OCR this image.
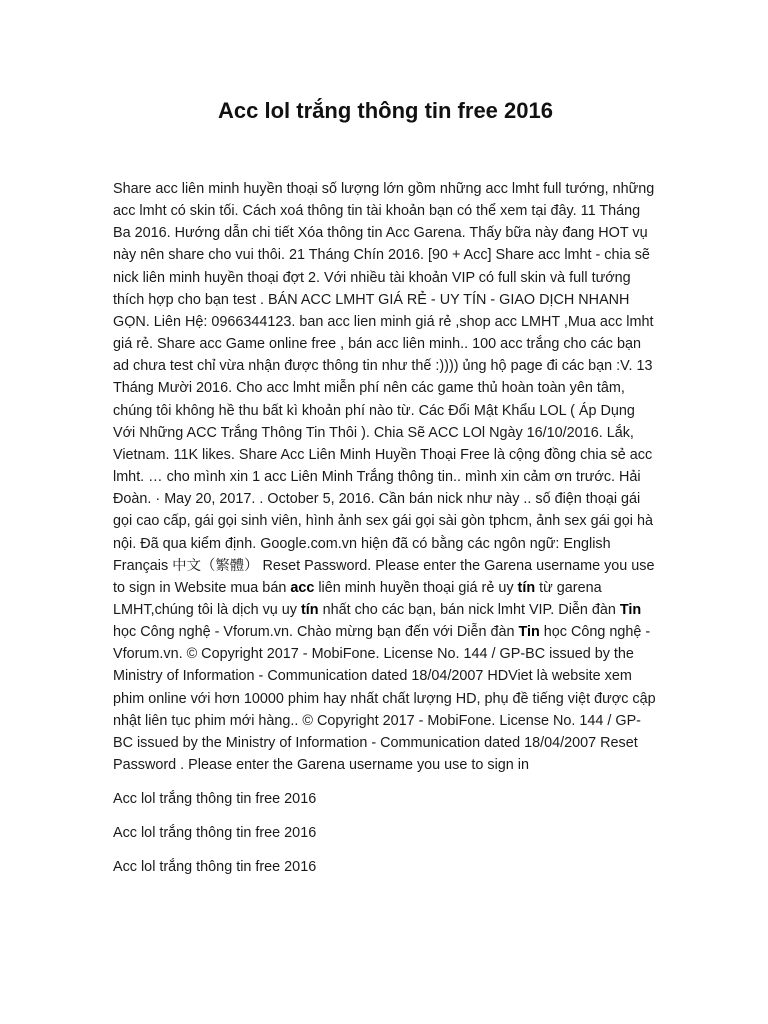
Acc lol trắng thông tin free 2016

Share acc liên minh huyền thoại số lượng lớn gồm những acc lmht full tướng, những acc lmht có skin tối. Cách xoá thông tin tài khoản bạn có thể xem tại đây. 11 Tháng Ba 2016. Hướng dẫn chi tiết Xóa thông tin Acc Garena. Thấy bữa này đang HOT vụ này nên share cho vui thôi. 21 Tháng Chín 2016. [90 + Acc] Share acc lmht - chia sẽ nick liên minh huyền thoại đợt 2. Với nhiều tài khoản VIP có full skin và full tướng thích hợp cho bạn test . BÁN ACC LMHT GIÁ RẺ - UY TÍN - GIAO DỊCH NHANH GỌN. Liên Hệ: 0966344123. ban acc lien minh giá rẻ ,shop acc LMHT ,Mua acc lmht giá rẻ. Share acc Game online free , bán acc liên minh.. 100 acc trắng cho các bạn ad chưa test chỉ vừa nhận được thông tin như thế :)))) ủng hộ page đi các bạn :V. 13 Tháng Mười 2016. Cho acc lmht miễn phí nên các game thủ hoàn toàn yên tâm, chúng tôi không hề thu bất kì khoản phí nào từ. Các Đổi Mật Khẩu LOL ( Áp Dụng Với Những ACC Trắng Thông Tin Thôi ). Chia Sẽ ACC LOl Ngày 16/10/2016. Lắk, Vietnam. 11K likes. Share Acc Liên Minh Huyền Thoại Free là cộng đồng chia sẻ acc lmht. … cho mình xin 1 acc Liên Minh Trắng thông tin.. mình xin cảm ơn trước. Hải Đoàn. · May 20, 2017. . October 5, 2016. Cần bán nick như này .. số điện thoại gái gọi cao cấp, gái gọi sinh viên, hình ảnh sex gái gọi sài gòn tphcm, ảnh sex gái gọi hà nội. Đã qua kiểm định. Google.com.vn hiện đã có bằng các ngôn ngữ: English Français 中文（繁體） Reset Password. Please enter the Garena username you use to sign in Website mua bán acc liên minh huyền thoại giá rẻ uy tín từ garena LMHT,chúng tôi là dịch vụ uy tín nhất cho các bạn, bán nick lmht VIP. Diễn đàn Tin học Công nghệ - Vforum.vn. Chào mừng bạn đến với Diễn đàn Tin học Công nghệ - Vforum.vn. © Copyright 2017 - MobiFone. License No. 144 / GP-BC issued by the Ministry of Information - Communication dated 18/04/2007 HDViet là website xem phim online với hơn 10000 phim hay nhất chất lượng HD, phụ đề tiếng việt được cập nhật liên tục phim mới hàng.. © Copyright 2017 - MobiFone. License No. 144 / GP-BC issued by the Ministry of Information - Communication dated 18/04/2007 Reset Password . Please enter the Garena username you use to sign in

Acc lol trắng thông tin free 2016

Acc lol trắng thông tin free 2016

Acc lol trắng thông tin free 2016
